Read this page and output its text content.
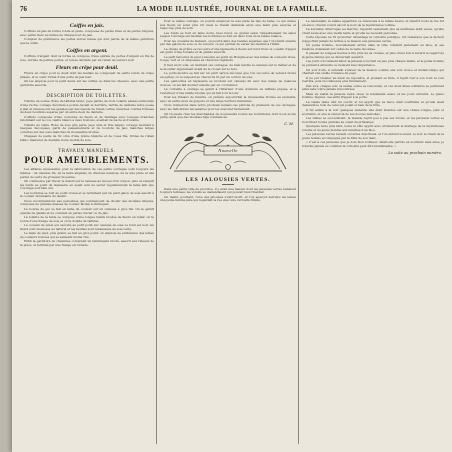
76	LA MODE ILLUSTRÉE, JOURNAL DE LA FAMILLE.
Coiffes en jais.

Coiffure en jais de forme ronde et plate, composée de perles fines et de perles longues, avec petite fleur au milieu de chaque tour de jais.

Comptez de préférence les perles noires mates qui font partie de la même garniture que la coiffe.

Coiffes en argent.

Coiffure d'argent dont la forme se compose d'une spirale de perles d'argent en fils de soie, bordée de petites perles, et nouée derrière par un ruban de velours noir.

Fleurs en crêpe pour deuil.

Fleurs en crêpe pour le deuil dont les feuilles se composent de petits ronds de crêpe plissés, et le cœur formé d'une perle de jais mat.

On les emploie pour le petit deuil, sur les coiffes ou dans les cheveux, avec une petite garniture assortie.

DESCRIPTION DE TOILETTES.

Toilette de soirée. Robe de taffetas blanc, jupe garnie de trois volants plissés surmontés d'une ruche; corsage décolleté à pointe devant et derrière, berthe de dentelle noire posée à plat et retenue sur les épaules par des nœuds de ruban cerise; manches courtes formées de deux bouillons séparés par un entre-deux de dentelle.

Coiffure composée d'une couronne de fleurs et de feuillage avec longues branches retombant sur le cou. Gants blancs à deux boutons, éventail de nacre et d'écaille.

Toilette de visite. Robe de soie gris perle, jupe unie et très ample; corsage montant à basques découpées, garni de passementerie et de boutons de jais; manches larges ouvertes sur des sous-manches de mousseline brodée.

Chapeau de paille de riz orné d'une plume blanche et de roses thé, brides de ruban blanc; mantelet de dentelle noire doublé de soie.

TRAVAUX MANUELS.
POUR AMEUBLEMENTS.

Les affaires nécessaires pour la fabrication de ces petits ouvrages sont toujours les mêmes : un canevas fin, de la laine anglaise de diverses nuances, de la soie plate et des perles de verre de grosseur moyenne.

On commence par tracer le dessin sur le canevas au moyen d'un crayon, puis on remplit les fonds au point de tapisserie en ayant soin de serrer régulièrement la laine afin que l'ouvrage soit bien uni.

Les bordures se font au point croisé et se terminent par un petit galon de soie assorti à la couleur dominante du dessin.

Nous recommandons aux personnes qui commencent de choisir des modèles simples, composés de grandes masses de couleur faciles à distinguer.

La bourse de jeu se fait en laine de couleur sur un canevas à gros fils. On la garnit ensuite de glands et de coulants en perles d'acier ou de jais.

La toilette de la table se compose d'une longue bande brodée de fleurs en relief; on la borde d'une frange de soie et on la double de taffetas.

Le coussin de salon est exécuté au petit point sur canevas de soie; le fond est noir, les fleurs sont nuancées au naturel et les feuilles sont rehaussées de soie verte.

Le tapis de pied, plus grand, se fait au gros point; on emploie de préférence des laines de couleurs foncées qui se salissent moins vite.

Enfin la garniture de cheminée comprend un lambrequin brodé, assorti aux rideaux de la pièce, et terminé par une frange en torsade.

Pour le même ouvrage, on pourra employer la soie plate au lieu de laine, ce qui donne aux fleurs un éclat plus vif; mais le travail demande alors une main plus exercée et beaucoup plus de soin.

Les fonds se font en laine noire, bleu foncé ou grenat selon l'ameublement du salon auquel l'ouvrage est destiné; les bordures se font en deux tons de la même nuance.

Pour les coussins de fauteuil, on pourra faire des bandes séparées que l'on réunit ensuite par des galons de soie ou de velours, ce qui permet de varier les dessins à l'infini.

La chaise de prière se recouvre d'une tapisserie à fleurs sur fond brun; le coussin d'appui est garni d'une torsade et de glands assortis.

Le petit tabouret de pied s'exécute au point de Hongrie avec des laines de couleurs vives, rouge, vert et or, disposées en chevrons réguliers.

Il faut avoir soin, en montant ces ouvrages, de bien tendre le canevas sur le métier et de le mouiller légèrement avant de le clouer sur le bois.

Le porte-montre se fait sur un petit carton découpé que l'on recouvre de velours brodé en perles; on le suspend au chevet du lit par un cordon de soie.

Les pantoufles en tapisserie se brodent sur canevas fin avec des laines de nuances douces; on les fait monter ensuite par un cordonnier.

La corbeille à ouvrage se garnit à l'intérieur d'une doublure de taffetas piquée, et à l'extérieur d'une bande brodée qui en fait tout le tour.

Pour les rideaux de fenêtre, on préfère aujourd'hui la mousseline brodée au plumetis, avec un entre-deux de guipure et une large bordure festonnée.

Nous donnerons dans notre prochain numéro les patrons de plusieurs de ces ouvrages, avec les indications nécessaires pour les exécuter facilement.

On trouvera chez les marchandes de nouveautés toutes les fournitures dont nous avons parlé, ainsi que des modèles déjà commencés.

C. M.
Nouvelle
LES JALOUSIES VERTES.

Dans une petite ville de province, il y avait une maison dont les jalousies vertes restaient toujours fermées; les voisins se demandaient qui pouvait bien l'habiter.

Un matin, pourtant, l'une des jalousies s'entr'ouvrit, et l'on aperçut derrière les lames une jeune femme pâle qui regardait la rue avec une curiosité timide.

Le lendemain, la même apparition se renouvela à la même heure, et bientôt toute la rue fut en émoi; chacun voulut savoir le nom de la mystérieuse voisine.

La servante, interrogée au marché, répondit seulement que sa maîtresse était veuve, qu'elle vivait seule avec une vieille tante et qu'elle ne recevait personne.

Cette réponse ne fit qu'exciter davantage la curiosité publique. On remarqua que le facteur n'apportait jamais de lettres à la maison aux jalousies vertes.

Un jeune homme, nouvellement arrivé dans la ville, s'établit justement en face, et ses fenêtres donnaient sur celles de la belle inconnue.

Il passait de longues heures à lire près de sa croisée, et plus d'une fois il surprit le regard de la jeune femme qui se détournait aussitôt.

Les jours s'écoulaient ainsi; la jalousie s'ouvrait un peu plus chaque matin, et le jeune homme se prenait à attendre ce moment avec impatience.

Un soir d'été, il entendit s'élever de la maison voisine une voix douce et mélancolique qui chantait une vieille romance du pays.

Il ne put résister au désir de répondre, et prenant sa flûte, il reprit l'air à son tour; la voix s'arrêta, puis recommença plus timidement.

Dès lors, chaque soir, la même scène se renouvela, et ces deux âmes solitaires se parlèrent ainsi sans s'être jamais rencontrées.

Mais un matin la jalousie resta close; le lendemain aussi, et les jours suivants. Le jeune homme, inquiet, osa enfin frapper à la porte.

La vieille tante vint lui ouvrir, et lui apprit que sa nièce était souffrante et qu'elle avait demandé le nom de celui qui jouait si bien de la flûte.

Il fut admis à la voir quelques instants; elle était étendue sur une chaise longue, pâle et souriante, et elle le remercia de ses douces mélodies.

Les visites se succédèrent; la malade reprit peu à peu ses forces, et les jalousies vertes se rouvrirent toutes grandes au soleil du printemps.

Quelques mois plus tard, toute la ville apprit avec étonnement le mariage de la mystérieuse voisine et du jeune homme aux fenêtres d'en face.

Les jalousies vertes restent ouvertes désormais, et l'on entend souvent, le soir, le chant de la jeune femme accompagné par la flûte de son mari.

« C'est à ces jalousies que je dois mon bonheur, disait-elle parfois en souriant; sans elles, je n'aurais jamais su combien la curiosité peut être bienfaisante. »

La suite au prochain numéro.
